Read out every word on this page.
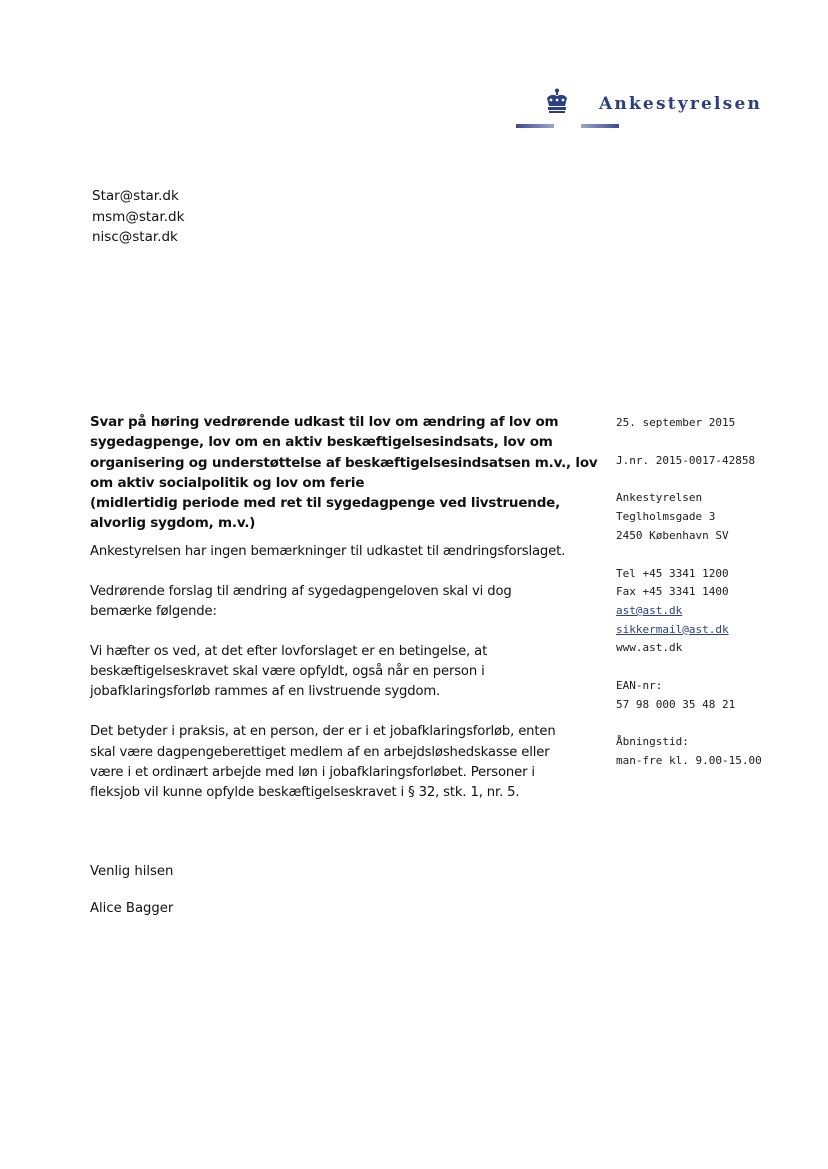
Ankestyrelsen
Star@star.dk
msm@star.dk
nisc@star.dk
Svar på høring vedrørende udkast til lov om ændring af lov om
sygedagpenge, lov om en aktiv beskæftigelsesindsats, lov om
organisering og understøttelse af beskæftigelsesindsatsen m.v., lov
om aktiv socialpolitik og lov om ferie
(midlertidig periode med ret til sygedagpenge ved livstruende,
alvorlig sygdom, m.v.)

Ankestyrelsen har ingen bemærkninger til udkastet til ændringsforslaget.

Vedrørende forslag til ændring af sygedagpengeloven skal vi dog
bemærke følgende:

Vi hæfter os ved, at det efter lovforslaget er en betingelse, at
beskæftigelseskravet skal være opfyldt, også når en person i
jobafklaringsforløb rammes af en livstruende sygdom.

Det betyder i praksis, at en person, der er i et jobafklaringsforløb, enten
skal være dagpengeberettiget medlem af en arbejdsløshedskasse eller
være i et ordinært arbejde med løn i jobafklaringsforløbet. Personer i
fleksjob vil kunne opfylde beskæftigelseskravet i § 32, stk. 1, nr. 5.

Venlig hilsen
Alice Bagger
25. september 2015
J.nr. 2015-0017-42858
Ankestyrelsen
Teglholmsgade 3
2450 København SV
Tel +45 3341 1200
Fax +45 3341 1400
ast@ast.dk
sikkermail@ast.dk
www.ast.dk
EAN-nr:
57 98 000 35 48 21
Åbningstid:
man-fre kl. 9.00-15.00
